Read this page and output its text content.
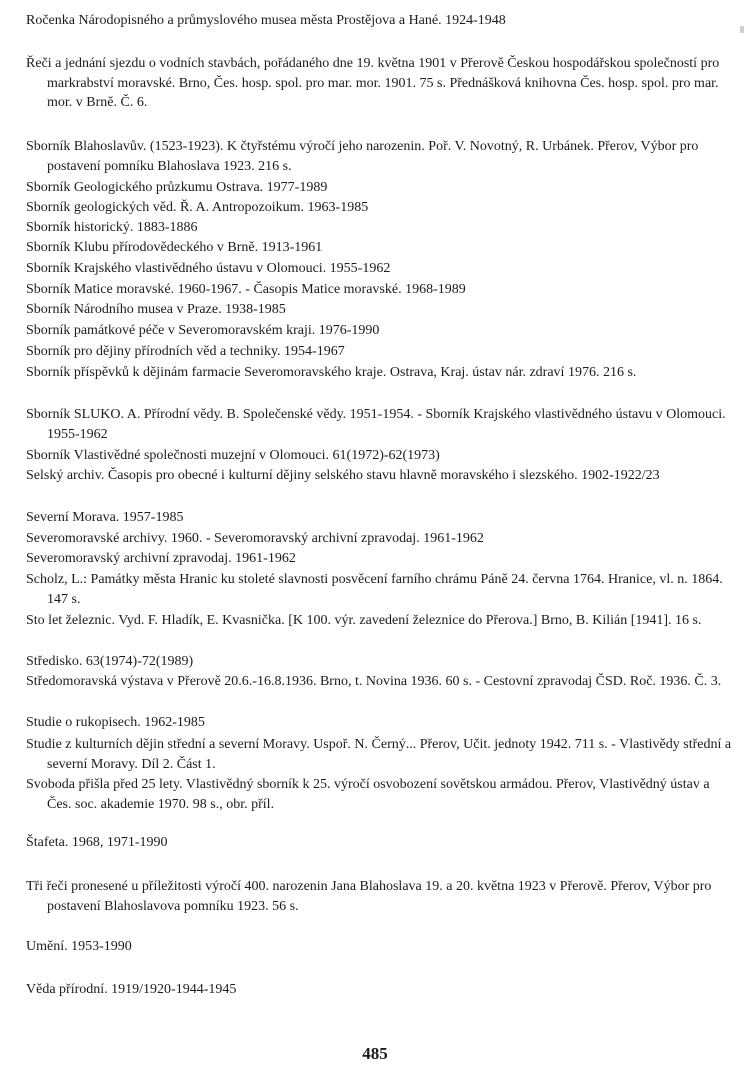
Ročenka Národopisného a průmyslového musea města Prostějova a Hané. 1924-1948
Řeči a jednání sjezdu o vodních stavbách, pořádaného dne 19. května 1901 v Přerově Českou hospodářskou společností pro markrabství moravské. Brno, Čes. hosp. spol. pro mar. mor. 1901. 75 s. Přednášková knihovna Čes. hosp. spol. pro mar. mor. v Brně. Č. 6.
Sborník Blahoslavův. (1523-1923). K čtyřstému výročí jeho narozenin. Poř. V. Novotný, R. Urbánek. Přerov, Výbor pro postavení pomníku Blahoslava 1923. 216 s.
Sborník Geologického průzkumu Ostrava. 1977-1989
Sborník geologických věd. Ř. A. Antropozoikum. 1963-1985
Sborník historický. 1883-1886
Sborník Klubu přírodovědeckého v Brně. 1913-1961
Sborník Krajského vlastivědného ústavu v Olomouci. 1955-1962
Sborník Matice moravské. 1960-1967. - Časopis Matice moravské. 1968-1989
Sborník Národního musea v Praze. 1938-1985
Sborník památkové péče v Severomoravském kraji. 1976-1990
Sborník pro dějiny přírodních věd a techniky. 1954-1967
Sborník příspěvků k dějinám farmacie Severomoravského kraje. Ostrava, Kraj. ústav nár. zdraví 1976. 216 s.
Sborník SLUKO. A. Přírodní vědy. B. Společenské vědy. 1951-1954. - Sborník Krajského vlastivědného ústavu v Olomouci. 1955-1962
Sborník Vlastivědné společnosti muzejní v Olomouci. 61(1972)-62(1973)
Selský archiv. Časopis pro obecné i kulturní dějiny selského stavu hlavně moravského i slezského. 1902-1922/23
Severní Morava. 1957-1985
Severomoravské archivy. 1960. - Severomoravský archivní zpravodaj. 1961-1962
Severomoravský archivní zpravodaj. 1961-1962
Scholz, L.: Památky města Hranic ku stoleté slavnosti posvěcení farního chrámu Páně 24. června 1764. Hranice, vl. n. 1864. 147 s.
Sto let železnic. Vyd. F. Hladík, E. Kvasnička. [K 100. výr. zavedení železnice do Přerova.] Brno, B. Kilián [1941]. 16 s.
Středisko. 63(1974)-72(1989)
Středomoravská výstava v Přerově 20.6.-16.8.1936. Brno, t. Novina 1936. 60 s. - Cestovní zpravodaj ČSD. Roč. 1936. Č. 3.
Studie o rukopisech. 1962-1985
Studie z kulturních dějin střední a severní Moravy. Uspoř. N. Černý... Přerov, Učit. jednoty 1942. 711 s. - Vlastivědy střední a severní Moravy. Díl 2. Část 1.
Svoboda přišla před 25 lety. Vlastivědný sborník k 25. výročí osvobození sovětskou armádou. Přerov, Vlastivědný ústav a Čes. soc. akademie 1970. 98 s., obr. příl.
Štafeta. 1968, 1971-1990
Tři řeči pronesené u příležitosti výročí 400. narozenin Jana Blahoslava 19. a 20. května 1923 v Přerově. Přerov, Výbor pro postavení Blahoslavova pomníku 1923. 56 s.
Umění. 1953-1990
Věda přírodní. 1919/1920-1944-1945
485
